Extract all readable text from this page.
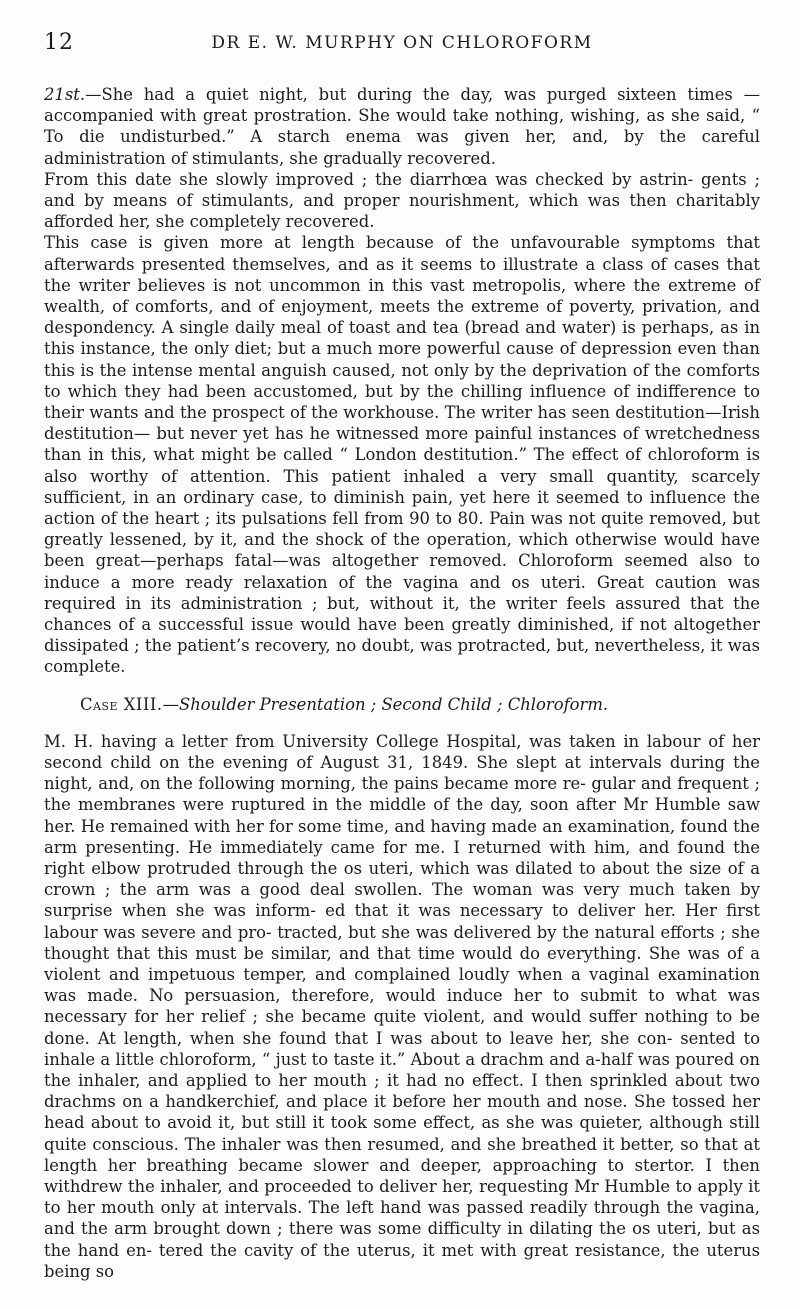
12	DR E. W. MURPHY ON CHLOROFORM

21st.—She had a quiet night, but during the day, was purged sixteen times —accompanied with great prostration. She would take nothing, wishing, as she said, “ To die undisturbed.” A starch enema was given her, and, by the careful administration of stimulants, she gradually recovered.

From this date she slowly improved ; the diarrhœa was checked by astrin- gents ; and by means of stimulants, and proper nourishment, which was then charitably afforded her, she completely recovered.

This case is given more at length because of the unfavourable symptoms that afterwards presented themselves, and as it seems to illustrate a class of cases that the writer believes is not uncommon in this vast metropolis, where the extreme of wealth, of comforts, and of enjoyment, meets the extreme of poverty, privation, and despondency. A single daily meal of toast and tea (bread and water) is perhaps, as in this instance, the only diet; but a much more powerful cause of depression even than this is the intense mental anguish caused, not only by the deprivation of the comforts to which they had been accustomed, but by the chilling influence of indifference to their wants and the prospect of the workhouse. The writer has seen destitution—Irish destitution— but never yet has he witnessed more painful instances of wretchedness than in this, what might be called “ London destitution.” The effect of chloroform is also worthy of attention. This patient inhaled a very small quantity, scarcely sufficient, in an ordinary case, to diminish pain, yet here it seemed to influence the action of the heart ; its pulsations fell from 90 to 80. Pain was not quite removed, but greatly lessened, by it, and the shock of the operation, which otherwise would have been great—perhaps fatal—was altogether removed. Chloroform seemed also to induce a more ready relaxation of the vagina and os uteri. Great caution was required in its administration ; but, without it, the writer feels assured that the chances of a successful issue would have been greatly diminished, if not altogether dissipated ; the patient’s recovery, no doubt, was protracted, but, nevertheless, it was complete.

Case XIII.—Shoulder Presentation ; Second Child ; Chloroform.

M. H. having a letter from University College Hospital, was taken in labour of her second child on the evening of August 31, 1849. She slept at intervals during the night, and, on the following morning, the pains became more re- gular and frequent ; the membranes were ruptured in the middle of the day, soon after Mr Humble saw her. He remained with her for some time, and having made an examination, found the arm presenting. He immediately came for me. I returned with him, and found the right elbow protruded through the os uteri, which was dilated to about the size of a crown ; the arm was a good deal swollen. The woman was very much taken by surprise when she was inform- ed that it was necessary to deliver her. Her first labour was severe and pro- tracted, but she was delivered by the natural efforts ; she thought that this must be similar, and that time would do everything. She was of a violent and impetuous temper, and complained loudly when a vaginal examination was made. No persuasion, therefore, would induce her to submit to what was necessary for her relief ; she became quite violent, and would suffer nothing to be done. At length, when she found that I was about to leave her, she con- sented to inhale a little chloroform, “ just to taste it.” About a drachm and a-half was poured on the inhaler, and applied to her mouth ; it had no effect. I then sprinkled about two drachms on a handkerchief, and place it before her mouth and nose. She tossed her head about to avoid it, but still it took some effect, as she was quieter, although still quite conscious. The inhaler was then resumed, and she breathed it better, so that at length her breathing became slower and deeper, approaching to stertor. I then withdrew the inhaler, and proceeded to deliver her, requesting Mr Humble to apply it to her mouth only at intervals. The left hand was passed readily through the vagina, and the arm brought down ; there was some difficulty in dilating the os uteri, but as the hand en- tered the cavity of the uterus, it met with great resistance, the uterus being so
